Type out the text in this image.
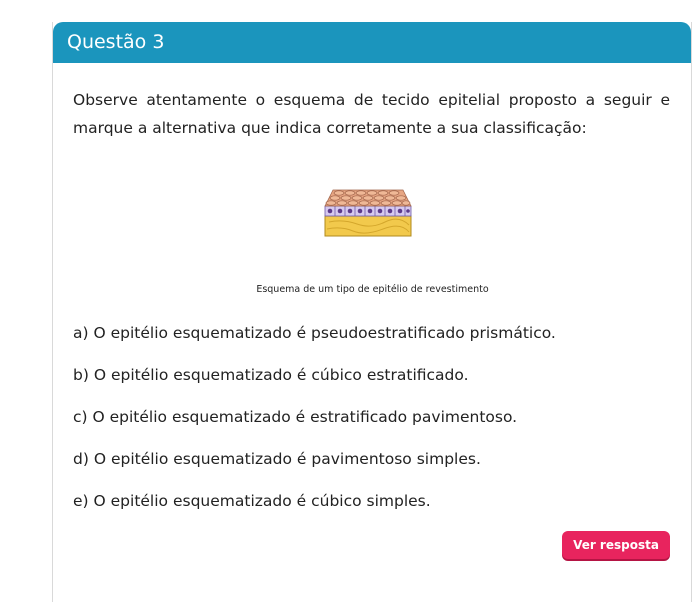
Questão 3
Observe atentamente o esquema de tecido epitelial proposto a seguir e marque a alternativa que indica corretamente a sua classificação:
Esquema de um tipo de epitélio de revestimento
a) O epitélio esquematizado é pseudoestratificado prismático.
b) O epitélio esquematizado é cúbico estratificado.
c) O epitélio esquematizado é estratificado pavimentoso.
d) O epitélio esquematizado é pavimentoso simples.
e) O epitélio esquematizado é cúbico simples.
Ver resposta
